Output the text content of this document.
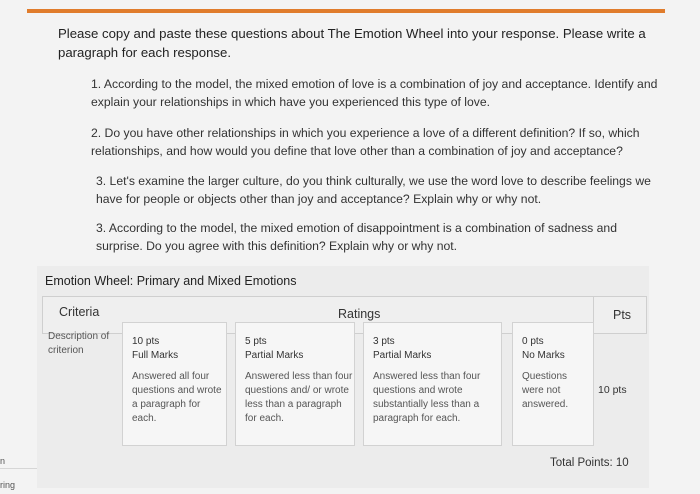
Please copy and paste these questions about The Emotion Wheel into your response. Please write a paragraph for each response.
1. According to the model, the mixed emotion of love is a combination of joy and acceptance. Identify and explain your relationships in which have you experienced this type of love.
2. Do you have other relationships in which you experience a love of a different definition? If so, which relationships, and how would you define that love other than a combination of joy and acceptance?
3. Let's examine the larger culture, do you think culturally, we use the word love to describe feelings we have for people or objects other than joy and acceptance? Explain why or why not.
3. According to the model, the mixed emotion of disappointment is a combination of sadness and surprise. Do you agree with this definition? Explain why or why not.
Emotion Wheel: Primary and Mixed Emotions
Criteria	Ratings	Pts
Description of criterion
10 pts
Full Marks
Answered all four questions and wrote a paragraph for each.
5 pts
Partial Marks
Answered less than four questions and/ or wrote less than a paragraph for each.
3 pts
Partial Marks
Answered less than four questions and wrote substantially less than a paragraph for each.
0 pts
No Marks
Questions were not answered.
10 pts
Total Points: 10
n
ring
